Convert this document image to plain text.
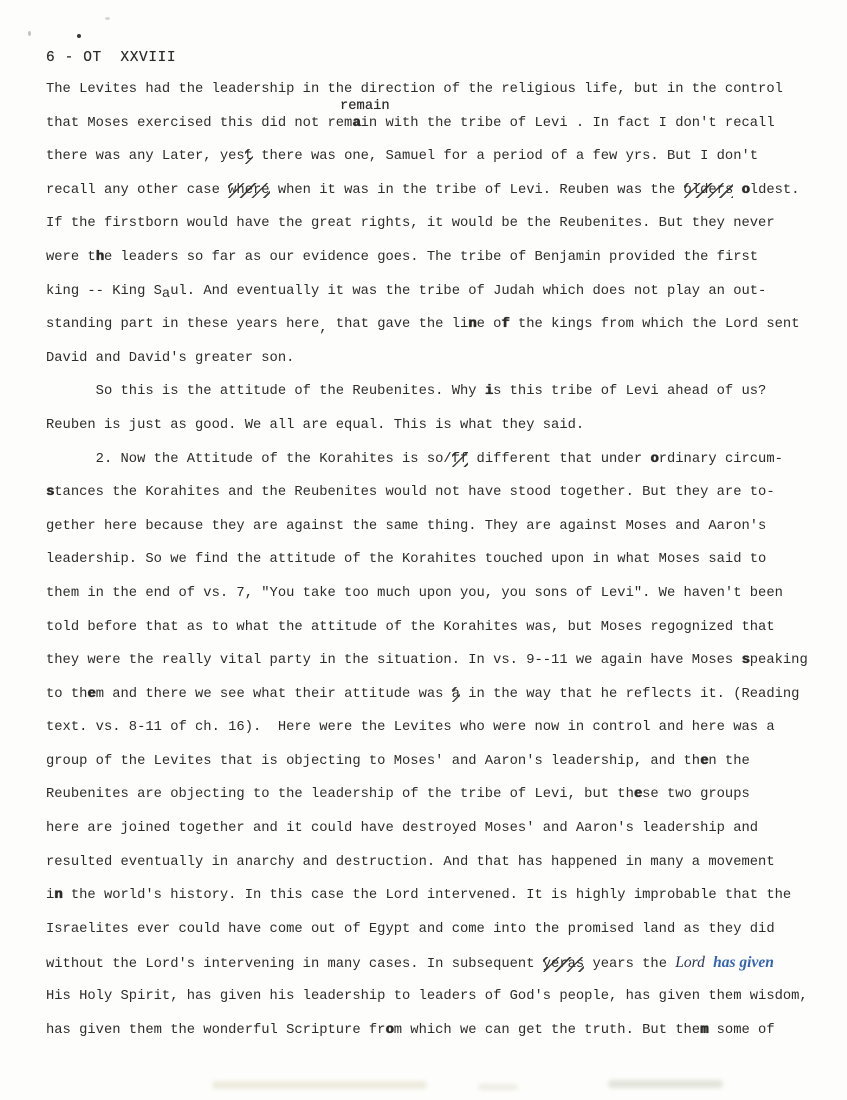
6 - OT  XXVIII
The Levites had the leadership in the direction of the religious life, but in the control
that Moses exercised this did not remain with the tribe of Levi . In fact I don't recall
remain
there was any Later, yest there was one, Samuel for a period of a few yrs. But I don't
recall any other case where when it was in the tribe of Levi. Reuben was the olders oldest.
If the firstborn would have the great rights, it would be the Reubenites. But they never
were the leaders so far as our evidence goes. The tribe of Benjamin provided the first
king -- King Saul. And eventually it was the tribe of Judah which does not play an out-
standing part in these years here, that gave the line of the kings from which the Lord sent
David and David's greater son.
So this is the attitude of the Reubenites. Why is this tribe of Levi ahead of us?
Reuben is just as good. We all are equal. This is what they said.
2. Now the Attitude of the Korahites is so/ff different that under ordinary circum-
stances the Korahites and the Reubenites would not have stood together. But they are to-
gether here because they are against the same thing. They are against Moses and Aaron's
leadership. So we find the attitude of the Korahites touched upon in what Moses said to
them in the end of vs. 7, "You take too much upon you, you sons of Levi". We haven't been
told before that as to what the attitude of the Korahites was, but Moses regognized that
they were the really vital party in the situation. In vs. 9--11 we again have Moses speaking
to them and there we see what their attitude was a in the way that he reflects it. (Reading
text. vs. 8-11 of ch. 16).  Here were the Levites who were now in control and here was a
group of the Levites that is objecting to Moses' and Aaron's leadership, and then the
Reubenites are objecting to the leadership of the tribe of Levi, but these two groups
here are joined together and it could have destroyed Moses' and Aaron's leadership and
resulted eventually in anarchy and destruction. And that has happened in many a movement
in the world's history. In this case the Lord intervened. It is highly improbable that the
Israelites ever could have come out of Egypt and come into the promised land as they did
without the Lord's intervening in many cases. In subsequent yeras years the Lord has given
His Holy Spirit, has given his leadership to leaders of God's people, has given them wisdom,
has given them the wonderful Scripture from which we can get the truth. But them some of
